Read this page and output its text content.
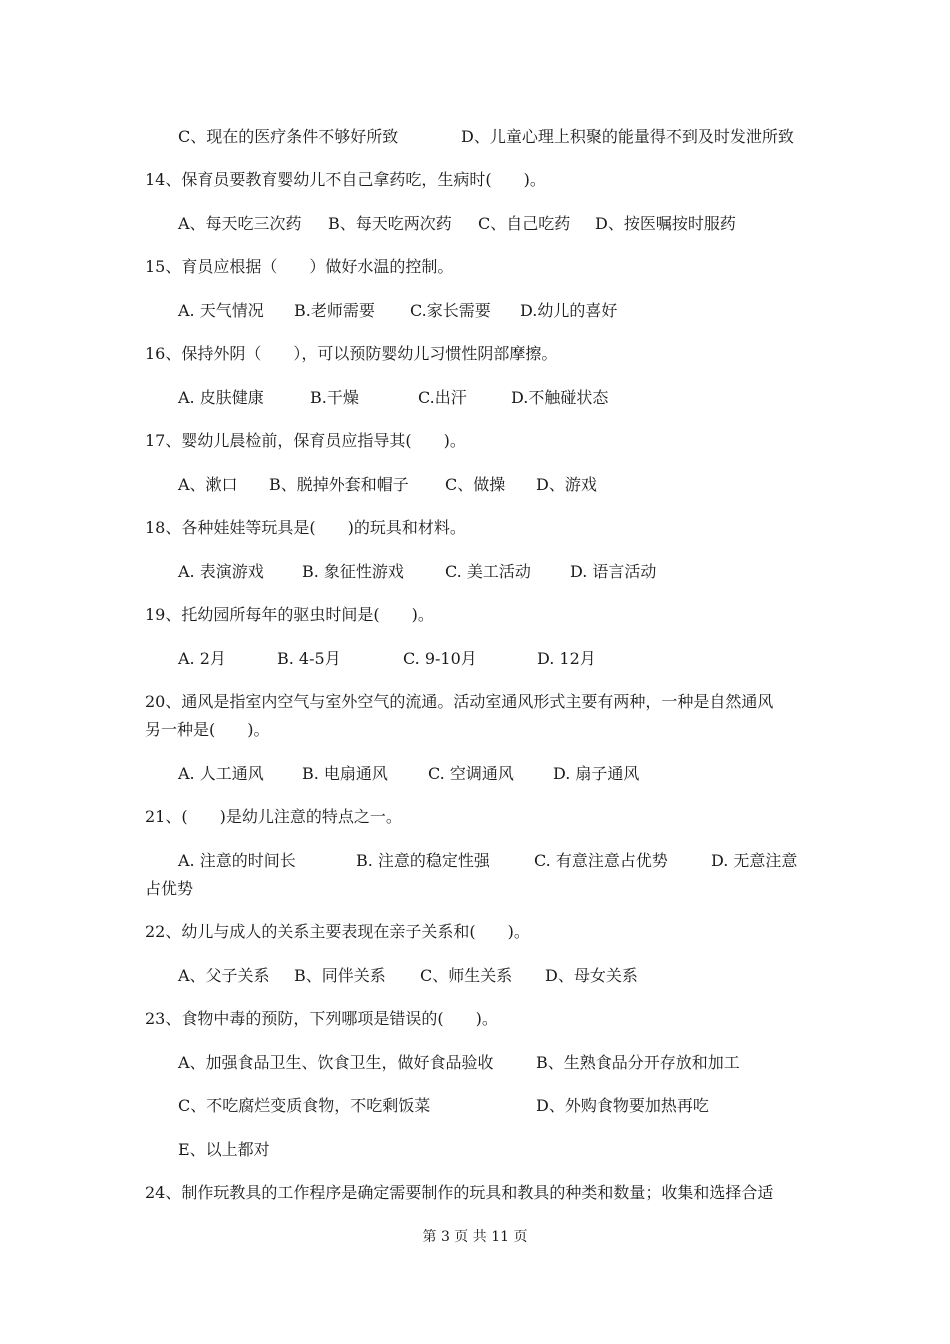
C、现在的医疗条件不够好所致	D、儿童心理上积聚的能量得不到及时发泄所致
14、保育员要教育婴幼儿不自己拿药吃，生病时(　　)。
A、每天吃三次药 B、每天吃两次药 C、自己吃药 D、按医嘱按时服药
15、育员应根据（　　）做好水温的控制。
A. 天气情况 B.老师需要 C.家长需要 D.幼儿的喜好
16、保持外阴（　　），可以预防婴幼儿习惯性阴部摩擦。
A. 皮肤健康	B.干燥	C.出汗	D.不触碰状态
17、婴幼儿晨检前，保育员应指导其(　　)。
A、漱口 B、脱掉外套和帽子 C、做操 D、游戏
18、各种娃娃等玩具是(　　)的玩具和材料。
A. 表演游戏 B. 象征性游戏	C. 美工活动 D. 语言活动
19、托幼园所每年的驱虫时间是(　　)。
A. 2月	B. 4-5月	C. 9-10月	D. 12月
20、通风是指室内空气与室外空气的流通。活动室通风形式主要有两种，一种是自然通风
另一种是(　　)。
A. 人工通风 B. 电扇通风	C. 空调通风 D. 扇子通风
21、(　　)是幼儿注意的特点之一。
A. 注意的时间长	B. 注意的稳定性强	C. 有意注意占优势	D. 无意注意
占优势
22、幼儿与成人的关系主要表现在亲子关系和(　　)。
A、父子关系 B、同伴关系 C、师生关系 D、母女关系
23、食物中毒的预防，下列哪项是错误的(　　)。
A、加强食品卫生、饮食卫生，做好食品验收	B、生熟食品分开存放和加工
C、不吃腐烂变质食物，不吃剩饭菜	D、外购食物要加热再吃
E、以上都对
24、制作玩教具的工作程序是确定需要制作的玩具和教具的种类和数量；收集和选择合适
第 3 页 共 11 页
